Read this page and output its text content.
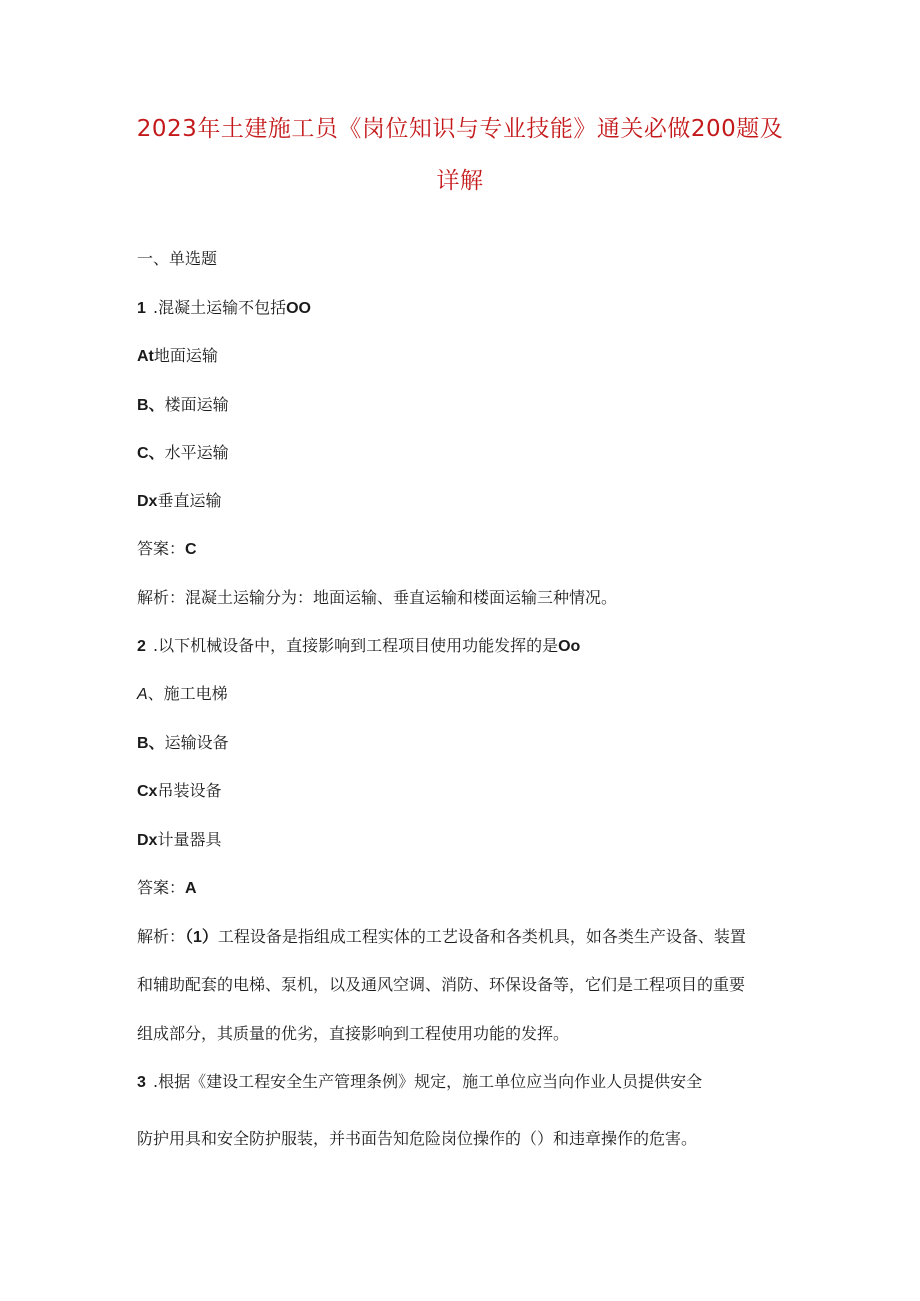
2023年土建施工员《岗位知识与专业技能》通关必做200题及
详解
一、单选题
1 .混凝土运输不包括OO
At地面运输
B、楼面运输
C、水平运输
Dx垂直运输
答案：C
解析：混凝土运输分为：地面运输、垂直运输和楼面运输三种情况。
2 .以下机械设备中，直接影响到工程项目使用功能发挥的是Oo
A、施工电梯
B、运输设备
Cx吊装设备
Dx计量器具
答案：A
解析：（1）工程设备是指组成工程实体的工艺设备和各类机具，如各类生产设备、装置
和辅助配套的电梯、泵机，以及通风空调、消防、环保设备等，它们是工程项目的重要
组成部分，其质量的优劣，直接影响到工程使用功能的发挥。
3 .根据《建设工程安全生产管理条例》规定，施工单位应当向作业人员提供安全
防护用具和安全防护服装，并书面告知危险岗位操作的（）和违章操作的危害。
